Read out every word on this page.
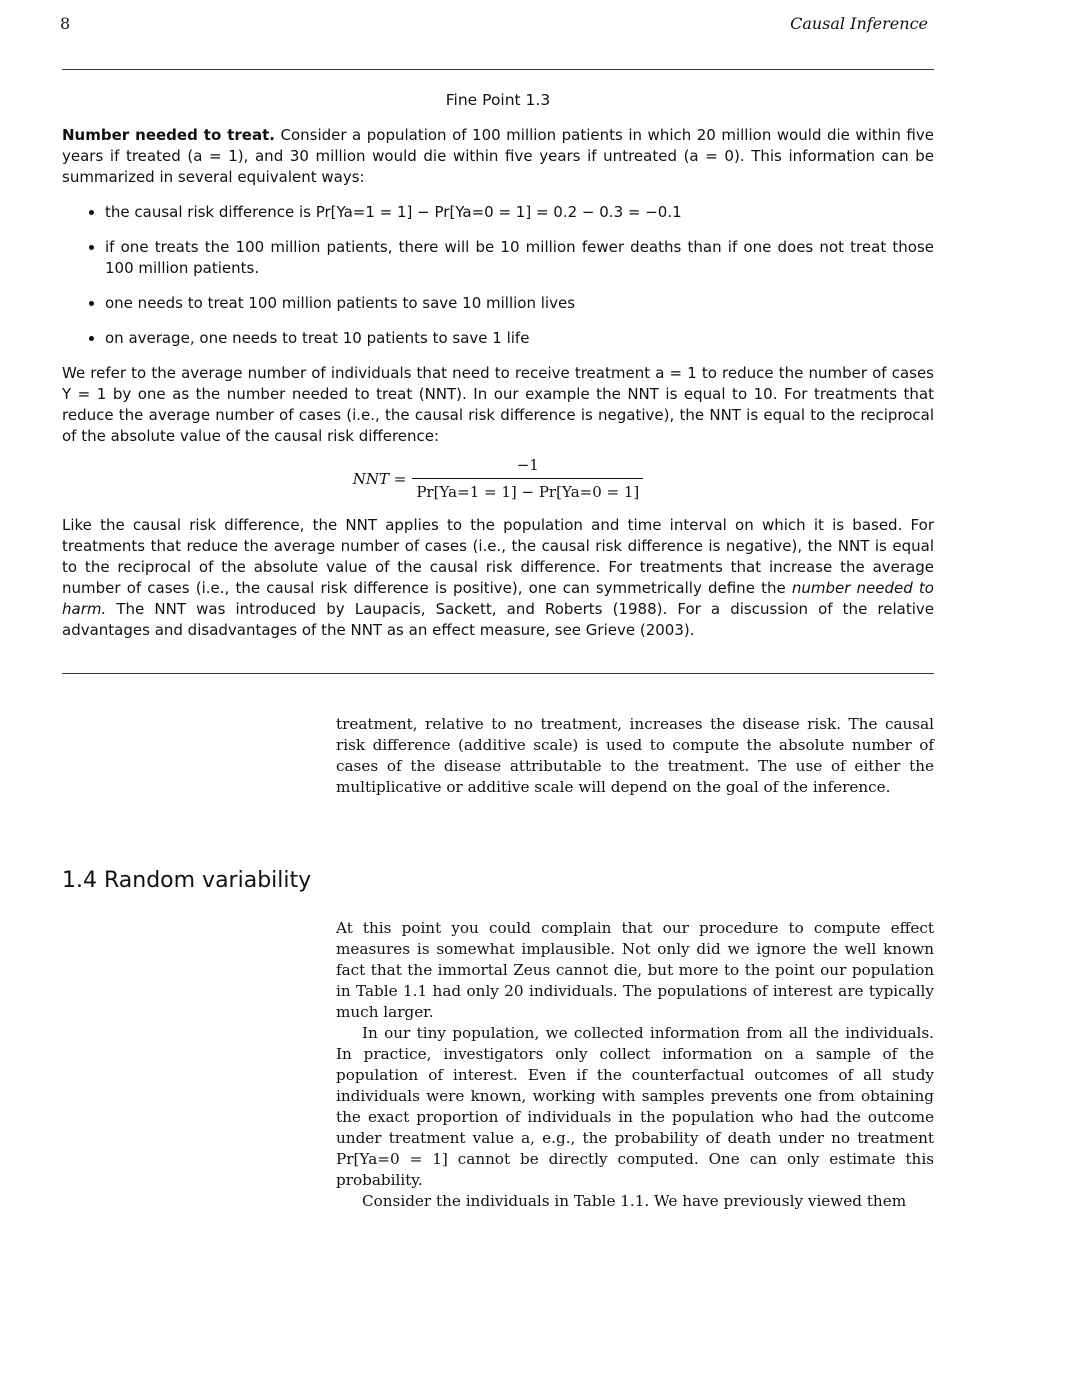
8	Causal Inference
Fine Point 1.3

Number needed to treat. Consider a population of 100 million patients in which 20 million would die within five years if treated (a = 1), and 30 million would die within five years if untreated (a = 0). This information can be summarized in several equivalent ways:

• the causal risk difference is Pr[Ya=1 = 1] − Pr[Ya=0 = 1] = 0.2 − 0.3 = −0.1
• if one treats the 100 million patients, there will be 10 million fewer deaths than if one does not treat those 100 million patients.
• one needs to treat 100 million patients to save 10 million lives
• on average, one needs to treat 10 patients to save 1 life

We refer to the average number of individuals that need to receive treatment a = 1 to reduce the number of cases Y = 1 by one as the number needed to treat (NNT). In our example the NNT is equal to 10. For treatments that reduce the average number of cases (i.e., the causal risk difference is negative), the NNT is equal to the reciprocal of the absolute value of the causal risk difference:

NNT = $\frac{-1}{Pr[Ya=1 = 1] - Pr[Ya=0 = 1]}$

Like the causal risk difference, the NNT applies to the population and time interval on which it is based. For treatments that reduce the average number of cases (i.e., the causal risk difference is negative), the NNT is equal to the reciprocal of the absolute value of the causal risk difference. For treatments that increase the average number of cases (i.e., the causal risk difference is positive), one can symmetrically define the number needed to harm. The NNT was introduced by Laupacis, Sackett, and Roberts (1988). For a discussion of the relative advantages and disadvantages of the NNT as an effect measure, see Grieve (2003).

treatment, relative to no treatment, increases the disease risk. The causal risk difference (additive scale) is used to compute the absolute number of cases of the disease attributable to the treatment. The use of either the multiplicative or additive scale will depend on the goal of the inference.

1.4 Random variability

At this point you could complain that our procedure to compute effect measures is somewhat implausible. Not only did we ignore the well known fact that the immortal Zeus cannot die, but more to the point our population in Table 1.1 had only 20 individuals. The populations of interest are typically much larger.

In our tiny population, we collected information from all the individuals. In practice, investigators only collect information on a sample of the population of interest. Even if the counterfactual outcomes of all study individuals were known, working with samples prevents one from obtaining the exact proportion of individuals in the population who had the outcome under treatment value a, e.g., the probability of death under no treatment Pr[Ya=0 = 1] cannot be directly computed. One can only estimate this probability.

Consider the individuals in Table 1.1. We have previously viewed them
